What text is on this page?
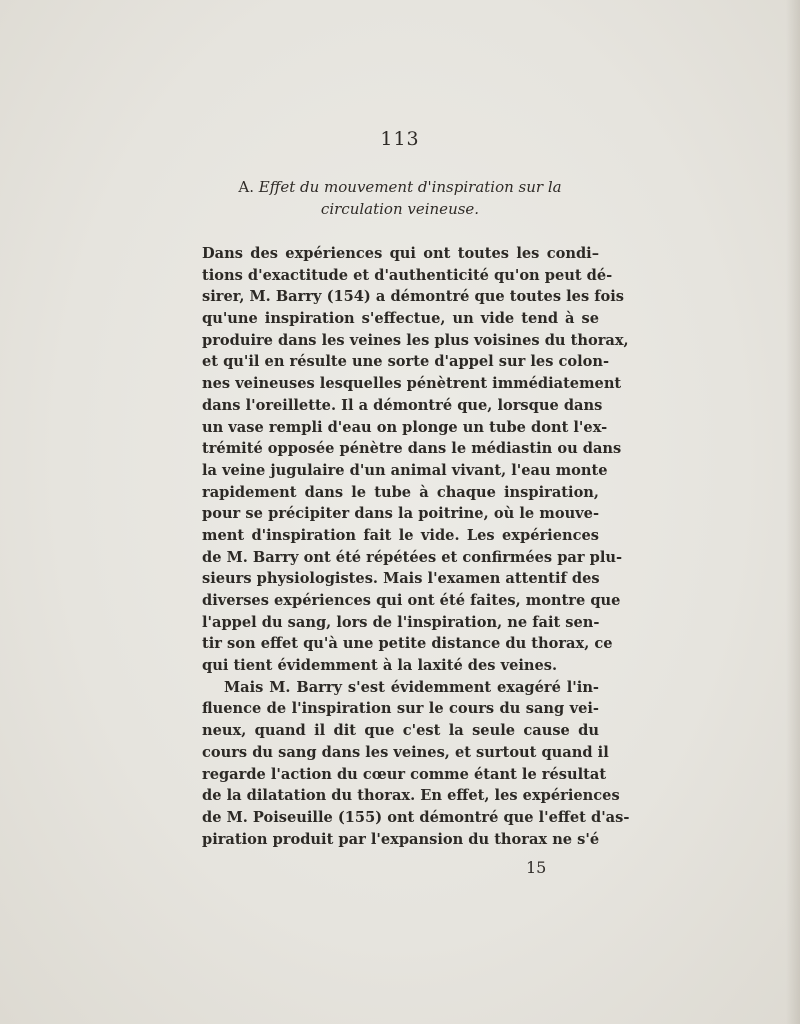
113
A. Effet du mouvement d'inspiration sur la circulation veineuse.
Dans des expériences qui ont toutes les condi–
tions d'exactitude et d'authenticité qu'on peut dé-
sirer, M. Barry (154) a démontré que toutes les fois
qu'une inspiration s'effectue, un vide tend à se
produire dans les veines les plus voisines du thorax,
et qu'il en résulte une sorte d'appel sur les colon-
nes veineuses lesquelles pénètrent immédiatement
dans l'oreillette. Il a démontré que, lorsque dans
un vase rempli d'eau on plonge un tube dont l'ex-
trémité opposée pénètre dans le médiastin ou dans
la veine jugulaire d'un animal vivant, l'eau monte
rapidement dans le tube à chaque inspiration,
pour se précipiter dans la poitrine, où le mouve-
ment d'inspiration fait le vide. Les expériences
de M. Barry ont été répétées et confirmées par plu-
sieurs physiologistes. Mais l'examen attentif des
diverses expériences qui ont été faites, montre que
l'appel du sang, lors de l'inspiration, ne fait sen-
tir son effet qu'à une petite distance du thorax, ce
qui tient évidemment à la laxité des veines.
Mais M. Barry s'est évidemment exagéré l'in-
fluence de l'inspiration sur le cours du sang vei-
neux, quand il dit que c'est la seule cause du
cours du sang dans les veines, et surtout quand il
regarde l'action du cœur comme étant le résultat
de la dilatation du thorax. En effet, les expériences
de M. Poiseuille (155) ont démontré que l'effet d'as-
piration produit par l'expansion du thorax ne s'é
15
